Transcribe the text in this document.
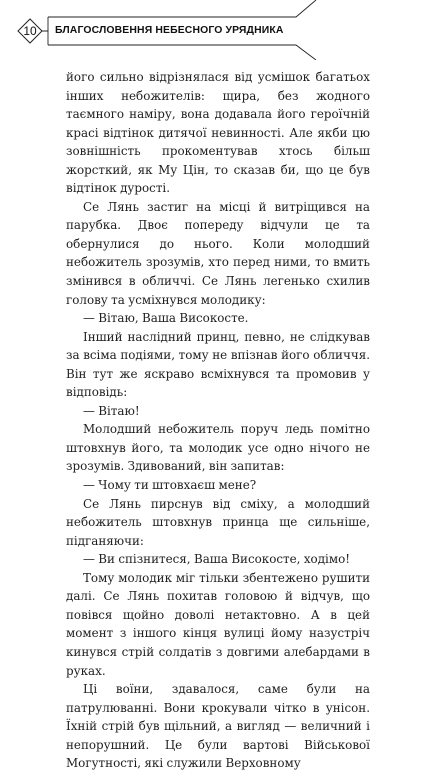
10	БЛАГОСЛОВЕННЯ НЕБЕСНОГО УРЯДНИКА

його сильно відрізнялася від усмішок багатьох інших небожителів: щира, без жодного таємного наміру, вона додавала його героїчній красі відтінок дитячої невинності. Але якби цю зовнішність прокоментував хтось більш жорсткий, як Му Цін, то сказав би, що це був відтінок дурості.

Се Лянь застиг на місці й витріщився на парубка. Двоє попереду відчули це та обернулися до нього. Коли молодший небожитель зрозумів, хто перед ними, то вмить змінився в обличчі. Се Лянь легенько схилив голову та усміхнувся молодику:

— Вітаю, Ваша Високосте.

Інший наслідний принц, певно, не слідкував за всіма подіями, тому не впізнав його обличчя. Він тут же яскраво всміхнувся та промовив у відповідь:

— Вітаю!

Молодший небожитель поруч ледь помітно штовхнув його, та молодик усе одно нічого не зрозумів. Здивований, він запитав:

— Чому ти штовхаєш мене?

Се Лянь пирснув від сміху, а молодший небожитель штовхнув принца ще сильніше, підганяючи:

— Ви спізнитеся, Ваша Високосте, ходімо!

Тому молодик міг тільки збентежено рушити далі. Се Лянь похитав головою й відчув, що повівся щойно доволі нетактовно. А в цей момент з іншого кінця вулиці йому назустріч кинувся стрій солдатів з довгими алебардами в руках.

Ці воїни, здавалося, саме були на патрулюванні. Вони крокували чітко в унісон. Їхній стрій був щільний, а вигляд — величний і непорушний. Це були вартові Військової Могутності, які служили Верховному
